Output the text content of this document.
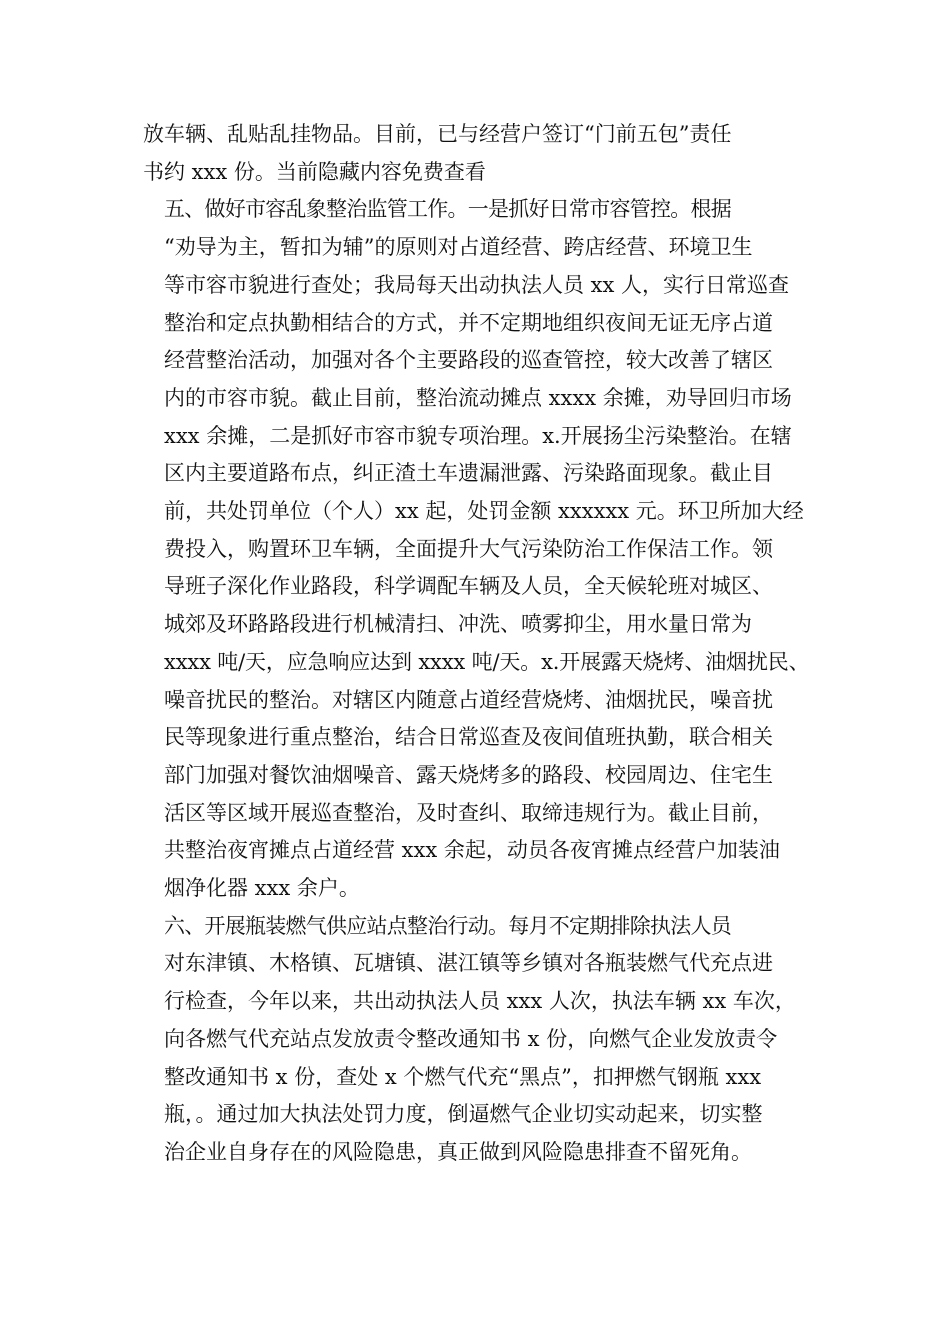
放车辆、乱贴乱挂物品。目前，已与经营户签订“门前五包”责任
书约 xxx 份。当前隐藏内容免费查看

五、做好市容乱象整治监管工作。一是抓好日常市容管控。根据
“劝导为主，暂扣为辅”的原则对占道经营、跨店经营、环境卫生
等市容市貌进行查处；我局每天出动执法人员 xx 人，实行日常巡查
整治和定点执勤相结合的方式，并不定期地组织夜间无证无序占道
经营整治活动，加强对各个主要路段的巡查管控，较大改善了辖区
内的市容市貌。截止目前，整治流动摊点 xxxx 余摊，劝导回归市场
xxx 余摊，二是抓好市容市貌专项治理。x.开展扬尘污染整治。在辖
区内主要道路布点，纠正渣土车遗漏泄露、污染路面现象。截止目
前，共处罚单位（个人）xx 起，处罚金额 xxxxxx 元。环卫所加大经
费投入，购置环卫车辆，全面提升大气污染防治工作保洁工作。领
导班子深化作业路段，科学调配车辆及人员，全天候轮班对城区、
城郊及环路路段进行机械清扫、冲洗、喷雾抑尘，用水量日常为
xxxx 吨/天，应急响应达到 xxxx 吨/天。x.开展露天烧烤、油烟扰民、
噪音扰民的整治。对辖区内随意占道经营烧烤、油烟扰民，噪音扰
民等现象进行重点整治，结合日常巡查及夜间值班执勤，联合相关
部门加强对餐饮油烟噪音、露天烧烤多的路段、校园周边、住宅生
活区等区域开展巡查整治，及时查纠、取缔违规行为。截止目前，
共整治夜宵摊点占道经营 xxx 余起，动员各夜宵摊点经营户加装油
烟净化器 xxx 余户。

六、开展瓶装燃气供应站点整治行动。每月不定期排除执法人员
对东津镇、木格镇、瓦塘镇、湛江镇等乡镇对各瓶装燃气代充点进
行检查，今年以来，共出动执法人员 xxx 人次，执法车辆 xx 车次，
向各燃气代充站点发放责令整改通知书 x 份，向燃气企业发放责令
整改通知书 x 份，查处 x 个燃气代充“黑点”，扣押燃气钢瓶 xxx
瓶，。通过加大执法处罚力度，倒逼燃气企业切实动起来，切实整
治企业自身存在的风险隐患，真正做到风险隐患排查不留死角。
